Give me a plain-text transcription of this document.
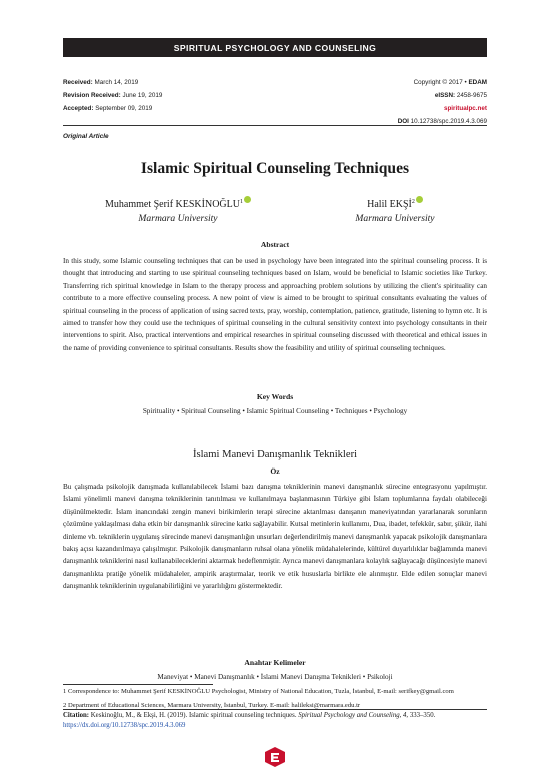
SPIRITUAL PSYCHOLOGY AND COUNSELING
Received: March 14, 2019
Revision Received: June 19, 2019
Accepted: September 09, 2019
Copyright © 2017 • EDAM
eISSN: 2458-9675
spiritualpc.net
DOI 10.12738/spc.2019.4.3.069
Original Article
Islamic Spiritual Counseling Techniques
Muhammet Şerif KESKİNOĞLU$^1$
Marmara University
Halil EKŞİ$^2$
Marmara University
Abstract

In this study, some Islamic counseling techniques that can be used in psychology have been integrated into the spiritual counseling process. It is thought that introducing and starting to use spiritual counseling techniques based on Islam, would be beneficial to Islamic societies like Turkey. Transferring rich spiritual knowledge in Islam to the therapy process and approaching problem solutions by utilizing the client's spirituality can contribute to a more effective counseling process. A new point of view is aimed to be brought to spiritual consultants evaluating the values of spiritual counseling in the process of application of using sacred texts, pray, worship, contemplation, patience, gratitude, listening to hymn etc. It is aimed to transfer how they could use the techniques of spiritual counseling in the cultural sensitivity context into psychology consultants in their interventions to spirit. Also, practical interventions and empirical researches in spiritual counseling discussed with theoretical and ethical issues in the name of providing convenience to spiritual consultants. Results show the feasibility and utility of spiritual counseling techniques.

Key Words
Spirituality • Spiritual Counseling • Islamic Spiritual Counseling • Techniques • Psychology
İslami Manevi Danışmanlık Teknikleri
Öz

Bu çalışmada psikolojik danışmada kullanılabilecek İslami bazı danışma tekniklerinin manevi danışmanlık sürecine entegrasyonu yapılmıştır. İslami yönelimli manevi danışma tekniklerinin tanıtılması ve kullanılmaya başlanmasının Türkiye gibi İslam toplumlarına faydalı olabileceği düşünülmektedir. İslam inancındaki zengin manevi birikimlerin terapi sürecine aktarılması danışanın maneviyatından yararlanarak sorunların çözümüne yaklaşılması daha etkin bir danışmanlık sürecine katkı sağlayabilir. Kutsal metinlerin kullanımı, Dua, ibadet, tefekkür, sabır, şükür, ilahi dinleme vb. tekniklerin uygulanış sürecinde manevi danışmanlığın unsurları değerlendirilmiş manevi danışmanlık yapacak psikolojik danışmanlara bakış açısı kazandırılmaya çalışılmıştır. Psikolojik danışmanların ruhsal olana yönelik müdahalelerinde, kültürel duyarlılıklar bağlamında manevi danışmanlık tekniklerini nasıl kullanabileceklerini aktarmak hedeflenmiştir. Ayrıca manevi danışmanlara kolaylık sağlayacağı düşüncesiyle manevi danışmanlıkta pratiğe yönelik müdahaleler, ampirik araştırmalar, teorik ve etik hususlarla birlikte ele alınmıştır. Elde edilen sonuçlar manevi danışmanlık tekniklerinin uygulanabilirliğini ve yararlılığını göstermektedir.

Anahtar Kelimeler
Maneviyat • Manevi Danışmanlık • İslami Manevi Danışma Teknikleri • Psikoloji
1 Correspondence to: Muhammet Şerif KESKİNOĞLU Psychologist, Ministry of National Education, Tuzla, İstanbul, E-mail: serifkey@gmail.com
2 Department of Educational Sciences, Marmara University, İstanbul, Turkey. E-mail: halileksi@marmara.edu.tr
Citation: Keskinoğlu, M., & Ekşi, H. (2019). Islamic spiritual counseling techniques. Spiritual Psychology and Counseling, 4, 333–350. https://dx.doi.org/10.12738/spc.2019.4.3.069
